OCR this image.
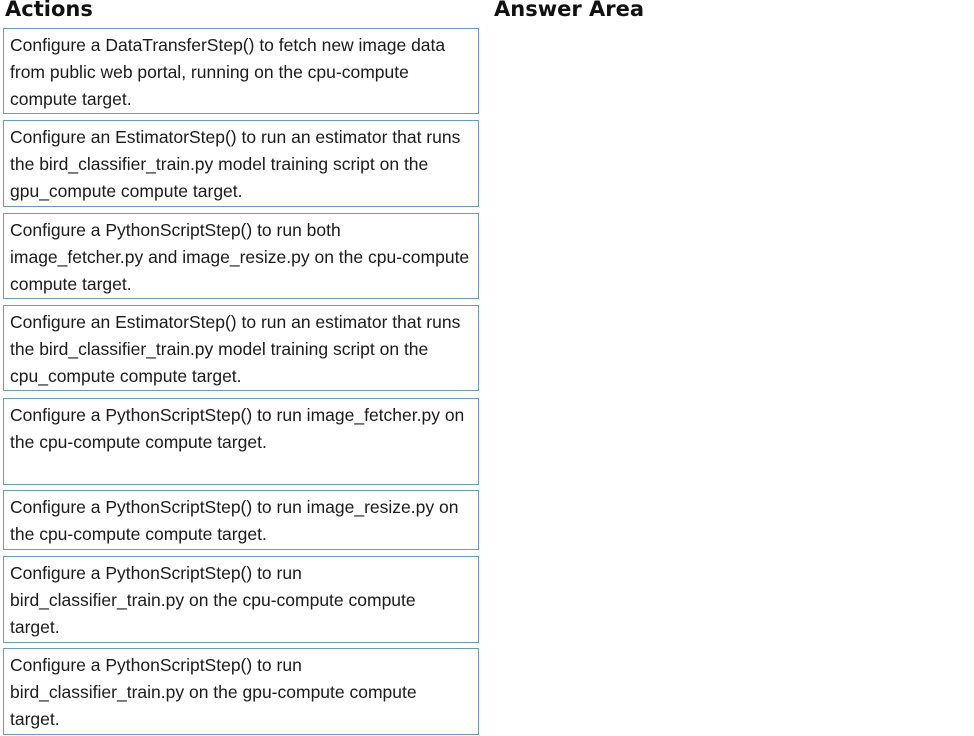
Actions	Answer Area
Configure a DataTransferStep() to fetch new image data from public web portal, running on the cpu-compute compute target.
Configure an EstimatorStep() to run an estimator that runs the bird_classifier_train.py model training script on the gpu_compute compute target.
Configure a PythonScriptStep() to run both image_fetcher.py and image_resize.py on the cpu-compute compute target.
Configure an EstimatorStep() to run an estimator that runs the bird_classifier_train.py model training script on the cpu_compute compute target.
Configure a PythonScriptStep() to run image_fetcher.py on the cpu-compute compute target.
Configure a PythonScriptStep() to run image_resize.py on the cpu-compute compute target.
Configure a PythonScriptStep() to run bird_classifier_train.py on the cpu-compute compute target.
Configure a PythonScriptStep() to run bird_classifier_train.py on the gpu-compute compute target.
